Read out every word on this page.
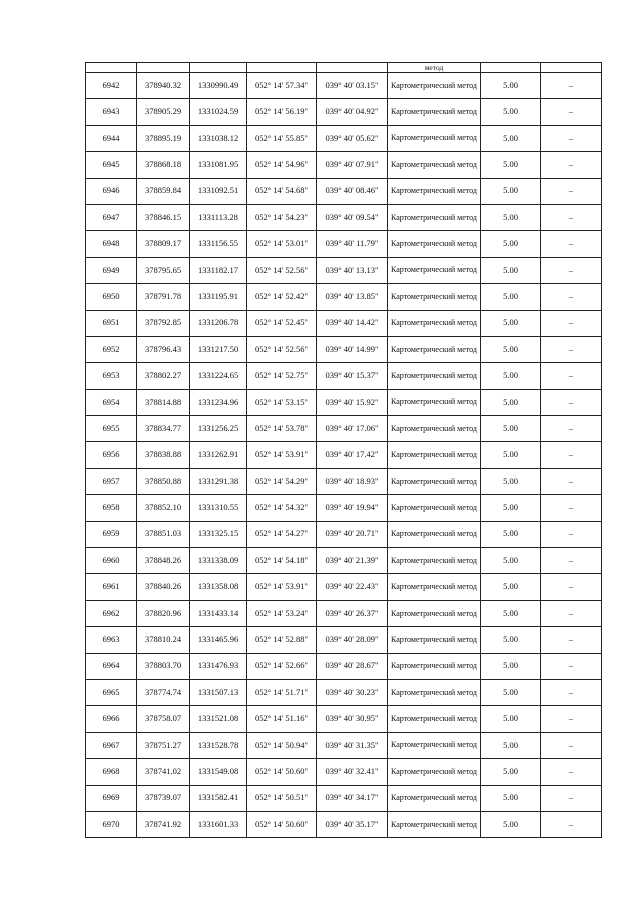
					метод		
6942	378940.32	1330990.49	052° 14' 57.34"	039° 40' 03.15"	Картометрический метод	5.00	–
6943	378905.29	1331024.59	052° 14' 56.19"	039° 40' 04.92"	Картометрический метод	5.00	–
6944	378895.19	1331038.12	052° 14' 55.85"	039° 40' 05.62"	Картометрический метод	5.00	–
6945	378868.18	1331081.95	052° 14' 54.96"	039° 40' 07.91"	Картометрический метод	5.00	–
6946	378859.84	1331092.51	052° 14' 54.68"	039° 40' 08.46"	Картометрический метод	5.00	–
6947	378846.15	1331113.28	052° 14' 54.23"	039° 40' 09.54"	Картометрический метод	5.00	–
6948	378809.17	1331156.55	052° 14' 53.01"	039° 40' 11.79"	Картометрический метод	5.00	–
6949	378795.65	1331182.17	052° 14' 52.56"	039° 40' 13.13"	Картометрический метод	5.00	–
6950	378791.78	1331195.91	052° 14' 52.42"	039° 40' 13.85"	Картометрический метод	5.00	–
6951	378792.85	1331206.78	052° 14' 52.45"	039° 40' 14.42"	Картометрический метод	5.00	–
6952	378796.43	1331217.50	052° 14' 52.56"	039° 40' 14.99"	Картометрический метод	5.00	–
6953	378802.27	1331224.65	052° 14' 52.75"	039° 40' 15.37"	Картометрический метод	5.00	–
6954	378814.88	1331234.96	052° 14' 53.15"	039° 40' 15.92"	Картометрический метод	5.00	–
6955	378834.77	1331256.25	052° 14' 53.78"	039° 40' 17.06"	Картометрический метод	5.00	–
6956	378838.88	1331262.91	052° 14' 53.91"	039° 40' 17.42"	Картометрический метод	5.00	–
6957	378850.88	1331291.38	052° 14' 54.29"	039° 40' 18.93"	Картометрический метод	5.00	–
6958	378852.10	1331310.55	052° 14' 54.32"	039° 40' 19.94"	Картометрический метод	5.00	–
6959	378851.03	1331325.15	052° 14' 54.27"	039° 40' 20.71"	Картометрический метод	5.00	–
6960	378848.26	1331338.09	052° 14' 54.18"	039° 40' 21.39"	Картометрический метод	5.00	–
6961	378840.26	1331358.08	052° 14' 53.91"	039° 40' 22.43"	Картометрический метод	5.00	–
6962	378820.96	1331433.14	052° 14' 53.24"	039° 40' 26.37"	Картометрический метод	5.00	–
6963	378810.24	1331465.96	052° 14' 52.88"	039° 40' 28.09"	Картометрический метод	5.00	–
6964	378803.70	1331476.93	052° 14' 52.66"	039° 40' 28.67"	Картометрический метод	5.00	–
6965	378774.74	1331507.13	052° 14' 51.71"	039° 40' 30.23"	Картометрический метод	5.00	–
6966	378758.07	1331521.08	052° 14' 51.16"	039° 40' 30.95"	Картометрический метод	5.00	–
6967	378751.27	1331528.78	052° 14' 50.94"	039° 40' 31.35"	Картометрический метод	5.00	–
6968	378741.02	1331549.08	052° 14' 50.60"	039° 40' 32.41"	Картометрический метод	5.00	–
6969	378739.07	1331582.41	052° 14' 50.51"	039° 40' 34.17"	Картометрический метод	5.00	–
6970	378741.92	1331601.33	052° 14' 50.60"	039° 40' 35.17"	Картометрический метод	5.00	–
